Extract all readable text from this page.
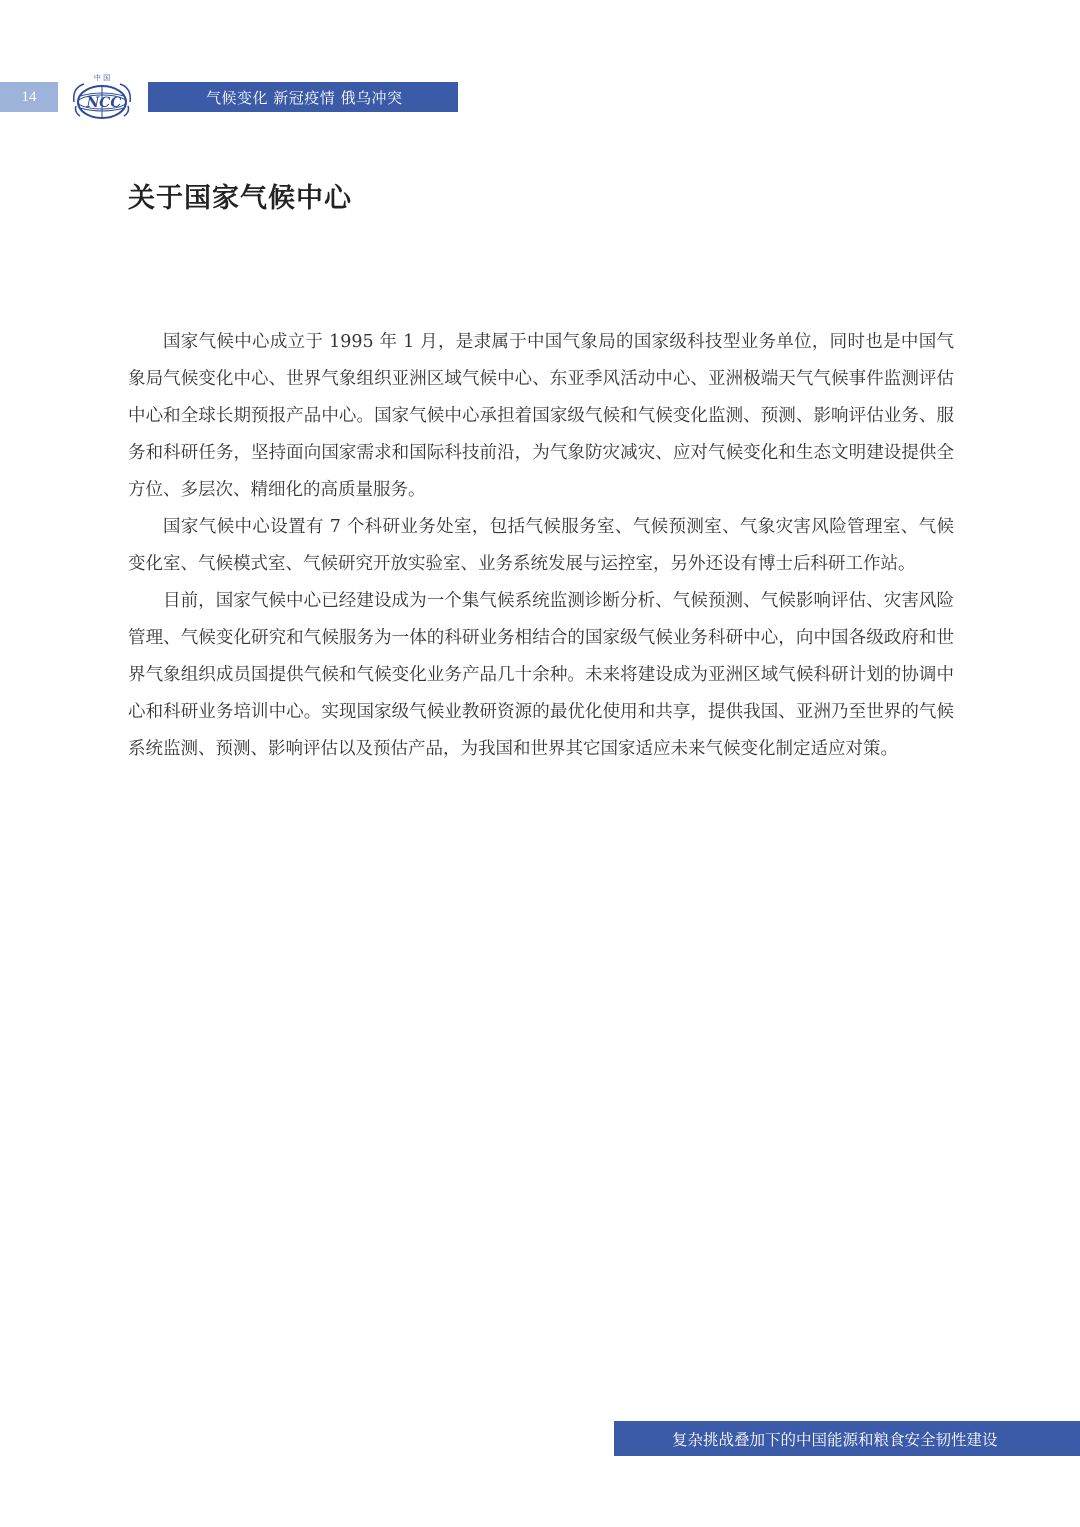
14
中 国
NCC	气候变化 新冠疫情 俄乌冲突
关于国家气候中心

国家气候中心成立于 1995 年 1 月，是隶属于中国气象局的国家级科技型业务单位，同时也是中国气象局气候变化中心、世界气象组织亚洲区域气候中心、东亚季风活动中心、亚洲极端天气气候事件监测评估中心和全球长期预报产品中心。国家气候中心承担着国家级气候和气候变化监测、预测、影响评估业务、服务和科研任务，坚持面向国家需求和国际科技前沿，为气象防灾减灾、应对气候变化和生态文明建设提供全方位、多层次、精细化的高质量服务。

国家气候中心设置有 7 个科研业务处室，包括气候服务室、气候预测室、气象灾害风险管理室、气候变化室、气候模式室、气候研究开放实验室、业务系统发展与运控室，另外还设有博士后科研工作站。

目前，国家气候中心已经建设成为一个集气候系统监测诊断分析、气候预测、气候影响评估、灾害风险管理、气候变化研究和气候服务为一体的科研业务相结合的国家级气候业务科研中心，向中国各级政府和世界气象组织成员国提供气候和气候变化业务产品几十余种。未来将建设成为亚洲区域气候科研计划的协调中心和科研业务培训中心。实现国家级气候业教研资源的最优化使用和共享，提供我国、亚洲乃至世界的气候系统监测、预测、影响评估以及预估产品，为我国和世界其它国家适应未来气候变化制定适应对策。

复杂挑战叠加下的中国能源和粮食安全韧性建设
